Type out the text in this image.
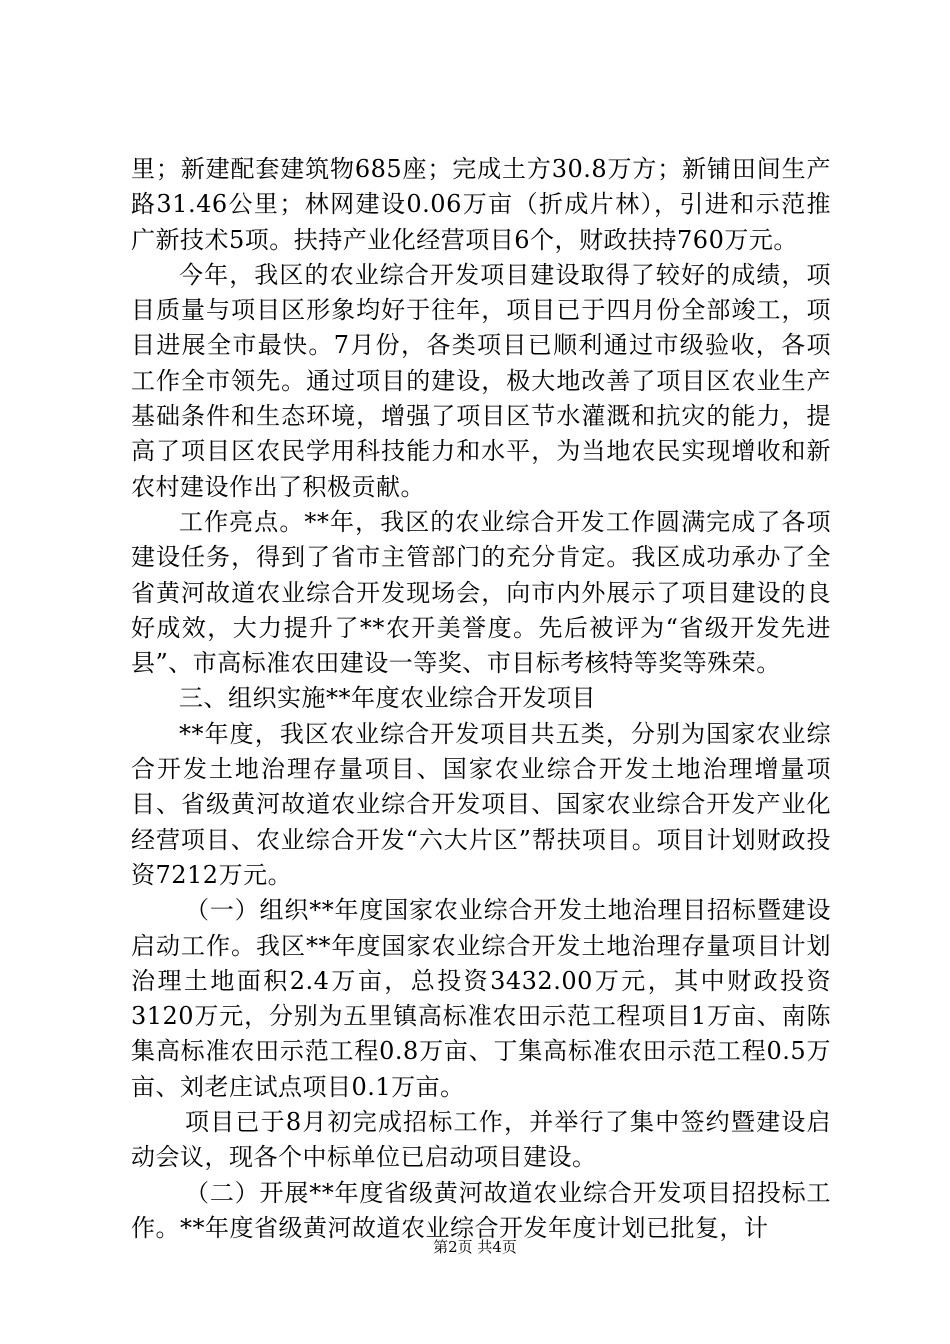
里；新建配套建筑物685座；完成土方30.8万方；新铺田间生产路31.46公里；林网建设0.06万亩（折成片林），引进和示范推广新技术5项。扶持产业化经营项目6个，财政扶持760万元。

今年，我区的农业综合开发项目建设取得了较好的成绩，项目质量与项目区形象均好于往年，项目已于四月份全部竣工，项目进展全市最快。7月份，各类项目已顺利通过市级验收，各项工作全市领先。通过项目的建设，极大地改善了项目区农业生产基础条件和生态环境，增强了项目区节水灌溉和抗灾的能力，提高了项目区农民学用科技能力和水平，为当地农民实现增收和新农村建设作出了积极贡献。

工作亮点。**年，我区的农业综合开发工作圆满完成了各项建设任务，得到了省市主管部门的充分肯定。我区成功承办了全省黄河故道农业综合开发现场会，向市内外展示了项目建设的良好成效，大力提升了**农开美誉度。先后被评为“省级开发先进县”、市高标准农田建设一等奖、市目标考核特等奖等殊荣。

三、组织实施**年度农业综合开发项目

**年度，我区农业综合开发项目共五类，分别为国家农业综合开发土地治理存量项目、国家农业综合开发土地治理增量项目、省级黄河故道农业综合开发项目、国家农业综合开发产业化经营项目、农业综合开发“六大片区”帮扶项目。项目计划财政投资7212万元。

（一）组织**年度国家农业综合开发土地治理目招标暨建设启动工作。我区**年度国家农业综合开发土地治理存量项目计划治理土地面积2.4万亩，总投资3432.00万元，其中财政投资3120万元，分别为五里镇高标准农田示范工程项目1万亩、南陈集高标准农田示范工程0.8万亩、丁集高标准农田示范工程0.5万亩、刘老庄试点项目0.1万亩。

项目已于8月初完成招标工作，并举行了集中签约暨建设启动会议，现各个中标单位已启动项目建设。

（二）开展**年度省级黄河故道农业综合开发项目招投标工作。**年度省级黄河故道农业综合开发年度计划已批复，计

第2页 共4页
